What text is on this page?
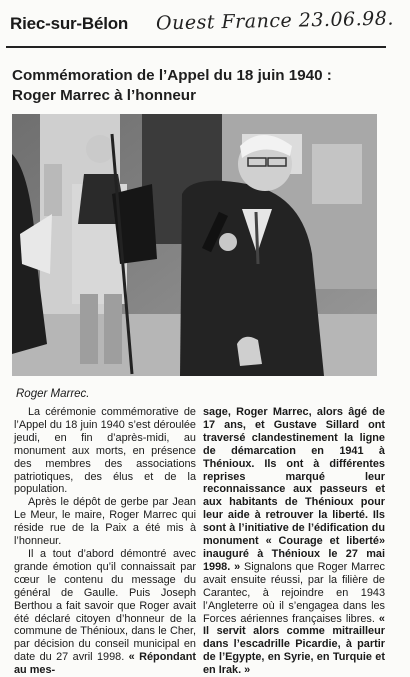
Riec-sur-Bélon Ouest France 23.06.98.
Commémoration de l’Appel du 18 juin 1940 :
Roger Marrec à l’honneur
Roger Marrec.

La cérémonie commémorative de l’Appel du 18 juin 1940 s’est déroulée jeudi, en fin d’après-midi, au monument aux morts, en présence des membres des associations patriotiques, des élus et de la population.

Après le dépôt de gerbe par Jean Le Meur, le maire, Roger Marrec qui réside rue de la Paix a été mis à l’honneur.

Il a tout d’abord démontré avec grande émotion qu’il connaissait par cœur le contenu du message du général de Gaulle. Puis Joseph Berthou a fait savoir que Roger avait été déclaré citoyen d’honneur de la commune de Thénioux, dans le Cher, par décision du conseil municipal en date du 27 avril 1998. « Répondant au mes-

sage, Roger Marrec, alors âgé de 17 ans, et Gustave Sillard ont traversé clandestinement la ligne de démarcation en 1941 à Thénioux. Ils ont à différentes reprises marqué leur reconnaissance aux passeurs et aux habitants de Thénioux pour leur aide à retrouver la liberté. Ils sont à l’initiative de l’édification du monument « Courage et liberté» inauguré à Thénioux le 27 mai 1998. » Signalons que Roger Marrec avait ensuite réussi, par la filière de Carantec, à rejoindre en 1943 l’Angleterre où il s’engagea dans les Forces aériennes françaises libres. « Il servit alors comme mitrailleur dans l’escadrille Picardie, à partir de l’Egypte, en Syrie, en Turquie et en Irak. »
